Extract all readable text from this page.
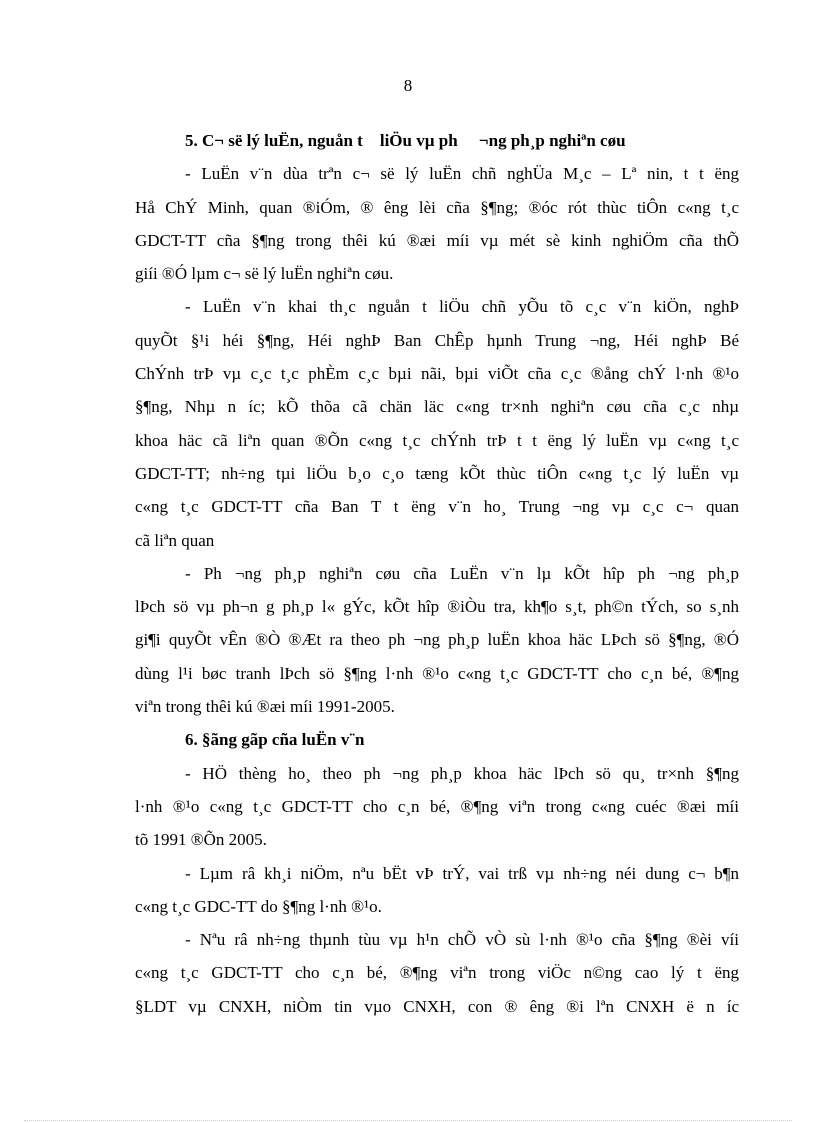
8
5. C¬ së lý luËn, nguån t    liÖu vµ ph     ¬ng ph¸p nghiªn cøu
- LuËn v¨n dùa trªn c¬ së lý luËn chñ nghÜa M¸c – Lª nin, t t ëng
Hå ChÝ Minh, quan ®iÓm, ® êng lèi cña §¶ng; ®óc rót thùc tiÔn c«ng t¸c
GDCT-TT cña §¶ng trong thêi kú ®æi míi vµ mét sè kinh nghiÖm cña thÕ
giíi ®Ó lµm c¬ së lý luËn nghiªn cøu.
- LuËn v¨n khai th¸c nguån t liÖu chñ yÕu tõ c¸c v¨n kiÖn, nghÞ
quyÕt §¹i héi §¶ng, Héi nghÞ Ban ChÊp hµnh Trung ¬ng, Héi nghÞ Bé
ChÝnh trÞ vµ c¸c t¸c phÈm c¸c bµi nãi, bµi viÕt cña c¸c ®ång chÝ l·nh ®¹o
§¶ng, Nhµ n íc; kÕ thõa cã chän läc c«ng tr×nh nghiªn cøu cña c¸c nhµ
khoa häc cã liªn quan ®Õn c«ng t¸c chÝnh trÞ t t ëng lý luËn vµ c«ng t¸c
GDCT-TT; nh÷ng tµi liÖu b¸o c¸o tæng kÕt thùc tiÔn c«ng t¸c lý luËn vµ
c«ng t¸c GDCT-TT cña Ban T t ëng v¨n ho¸ Trung ¬ng vµ c¸c c¬ quan
cã liªn quan
- Ph ¬ng ph¸p nghiªn cøu cña LuËn v¨n lµ kÕt hîp ph ¬ng ph¸p
lÞch sö vµ ph¬n g ph¸p l« gÝc, kÕt hîp ®iÒu tra, kh¶o s¸t, ph©n tÝch, so s¸nh
gi¶i quyÕt vÊn ®Ò ®Æt ra theo ph ¬ng ph¸p luËn khoa häc LÞch sö §¶ng, ®Ó
dùng l¹i bøc tranh lÞch sö §¶ng l·nh ®¹o c«ng t¸c GDCT-TT cho c¸n bé, ®¶ng
viªn trong thêi kú ®æi míi 1991-2005.
6. §ãng gãp cña luËn v¨n
- HÖ thèng ho¸ theo ph ¬ng ph¸p khoa häc lÞch sö qu¸ tr×nh §¶ng
l·nh ®¹o c«ng t¸c GDCT-TT cho c¸n bé, ®¶ng viªn trong c«ng cuéc ®æi míi
tõ 1991 ®Õn 2005.
- Lµm râ kh¸i niÖm, nªu bËt vÞ trÝ, vai trß vµ nh÷ng néi dung c¬ b¶n
c«ng t¸c GDC-TT do §¶ng l·nh ®¹o.
- Nªu râ nh÷ng thµnh tùu vµ h¹n chÕ vÒ sù l·nh ®¹o cña §¶ng ®èi víi
c«ng t¸c GDCT-TT cho c¸n bé, ®¶ng viªn trong viÖc n©ng cao lý t ëng
§LDT vµ CNXH, niÒm tin vµo CNXH, con ® êng ®i lªn CNXH ë n íc
